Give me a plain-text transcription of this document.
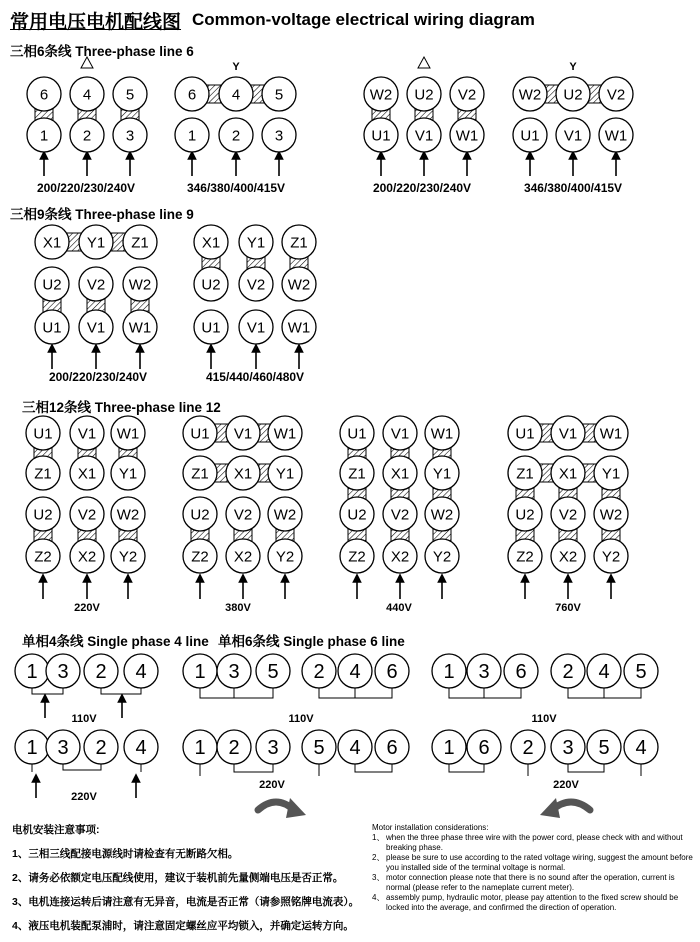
6
1
4
2
5
3
200/220/230/240V
Y
6
1
4
2
5
3
346/380/400/415V
W2
U1
U2
V1
V2
W1
200/220/230/240V
Y
W2
U1
U2
V1
V2
W1
346/380/400/415V
X1
U2
U1
Y1
V2
V1
Z1
W2
W1
200/220/230/240V
X1
U2
U1
Y1
V2
V1
Z1
W2
W1
415/440/460/480V
U1
Z1
U2
Z2
V1
X1
V2
X2
W1
Y1
W2
Y2
220V
U1
Z1
U2
Z2
V1
X1
V2
X2
W1
Y1
W2
Y2
380V
U1
Z1
U2
Z2
V1
X1
V2
X2
W1
Y1
W2
Y2
440V
U1
Z1
U2
Z2
V1
X1
V2
X2
W1
Y1
W2
Y2
760V
1 3 2 4
110V
1 3 2 4
220V
1 3 5 2 4 6
110V
1 2 3 5 4 6
220V
1 3 6 2 4 5
110V
1 6 2 3 5 4
220V
常用电压电机配线图 Common-voltage electrical wiring diagram
三相6条线 Three-phase line 6
三相9条线 Three-phase line 9
三相12条线 Three-phase line 12
单相4条线 Single phase 4 line 单相6条线 Single phase 6 line
电机安装注意事项:
1、三相三线配接电源线时请检查有无断路欠相。
2、请务必依额定电压配线使用，建议于装机前先量侧端电压是否正常。
3、电机连接运转后请注意有无异音，电流是否正常（请参照铭牌电流表）。
4、液压电机装配泵浦时，请注意固定螺丝应平均锁入，并确定运转方向。
Motor installation considerations:
1、 when the three phase three wire with the power cord, please check with and without breaking phase.
2、 please be sure to use according to the rated voltage wiring, suggest the amount before you installed side of the terminal voltage is normal.
3、 motor connection please note that there is no sound after the operation, current is normal (please refer to the nameplate current meter).
4、 assembly pump, hydraulic motor, please pay attention to the fixed screw should be locked into the average, and confirmed the direction of operation.
